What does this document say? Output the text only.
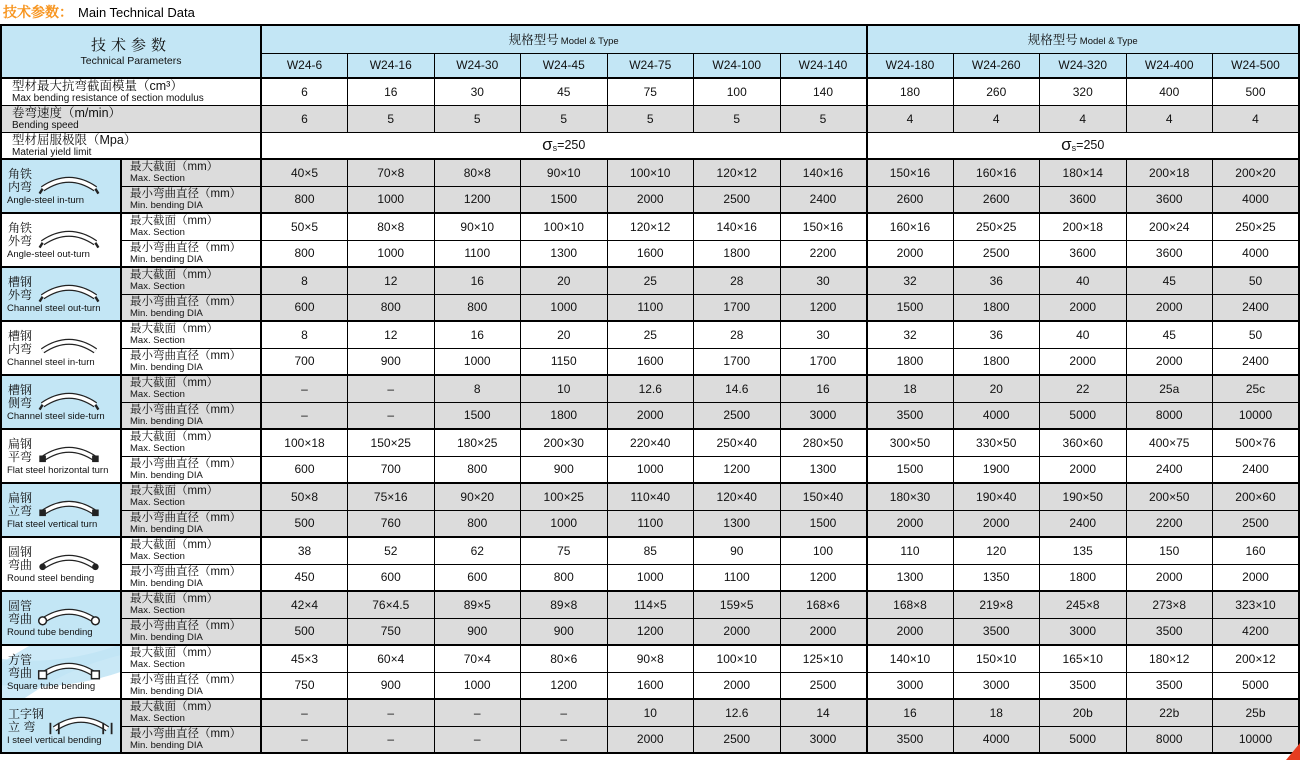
技术参数： Main Technical Data
技术参数
Technical Parameters		规格型号 Model & Type							规格型号 Model & Type				
		W24-6	W24-16	W24-30	W24-45	W24-75	W24-100	W24-140	W24-180	W24-260	W24-320	W24-400	W24-500

型材最大抗弯截面模量（cm³）
Max bending resistance of section modulus		6	16	30	45	75	100	140	180	260	320	400	500

卷弯速度（m/min）
Bending speed		6	5	5	5	5	5	5	4	4	4	4	4

型材屈服极限（Mpa）
Material yield limit		σs=250							σs=250				

角铁
内弯
Angle-steel in-turn	最大截面（mm）
Max. Section	40×5	70×8	80×8	90×10	100×10	120×12	140×16	150×16	160×16	180×14	200×18	200×20

	最小弯曲直径（mm）
Min. bending DIA	800	1000	1200	1500	2000	2500	2400	2600	2600	3600	3600	4000

角铁
外弯
Angle-steel out-turn	最大截面（mm）
Max. Section	50×5	80×8	90×10	100×10	120×12	140×16	150×16	160×16	250×25	200×18	200×24	250×25

	最小弯曲直径（mm）
Min. bending DIA	800	1000	1100	1300	1600	1800	2200	2000	2500	3600	3600	4000

槽钢
外弯
Channel steel out-turn	最大截面（mm）
Max. Section	8	12	16	20	25	28	30	32	36	40	45	50

	最小弯曲直径（mm）
Min. bending DIA	600	800	800	1000	1100	1700	1200	1500	1800	2000	2000	2400

槽钢
内弯
Channel steel in-turn	最大截面（mm）
Max. Section	8	12	16	20	25	28	30	32	36	40	45	50

	最小弯曲直径（mm）
Min. bending DIA	700	900	1000	1150	1600	1700	1700	1800	1800	2000	2000	2400

槽钢
侧弯
Channel steel side-turn	最大截面（mm）
Max. Section	–	–	8	10	12.6	14.6	16	18	20	22	25a	25c

	最小弯曲直径（mm）
Min. bending DIA	–	–	1500	1800	2000	2500	3000	3500	4000	5000	8000	10000

扁钢
平弯
Flat steel horizontal turn	最大截面（mm）
Max. Section	100×18	150×25	180×25	200×30	220×40	250×40	280×50	300×50	330×50	360×60	400×75	500×76

	最小弯曲直径（mm）
Min. bending DIA	600	700	800	900	1000	1200	1300	1500	1900	2000	2400	2400

扁钢
立弯
Flat steel vertical turn	最大截面（mm）
Max. Section	50×8	75×16	90×20	100×25	110×40	120×40	150×40	180×30	190×40	190×50	200×50	200×60

	最小弯曲直径（mm）
Min. bending DIA	500	760	800	1000	1100	1300	1500	2000	2000	2400	2200	2500

圆钢
弯曲
Round steel bending	最大截面（mm）
Max. Section	38	52	62	75	85	90	100	110	120	135	150	160

	最小弯曲直径（mm）
Min. bending DIA	450	600	600	800	1000	1100	1200	1300	1350	1800	2000	2000

圆管
弯曲
Round tube bending	最大截面（mm）
Max. Section	42×4	76×4.5	89×5	89×8	114×5	159×5	168×6	168×8	219×8	245×8	273×8	323×10

	最小弯曲直径（mm）
Min. bending DIA	500	750	900	900	1200	2000	2000	2000	3500	3000	3500	4200

方管
弯曲
Square tube bending	最大截面（mm）
Max. Section	45×3	60×4	70×4	80×6	90×8	100×10	125×10	140×10	150×10	165×10	180×12	200×12

	最小弯曲直径（mm）
Min. bending DIA	750	900	1000	1200	1600	2000	2500	3000	3000	3500	3500	5000

工字钢
立 弯
I steel vertical bending	最大截面（mm）
Max. Section	–	–	–	–	10	12.6	14	16	18	20b	22b	25b

	最小弯曲直径（mm）
Min. bending DIA	–	–	–	–	2000	2500	3000	3500	4000	5000	8000	10000
